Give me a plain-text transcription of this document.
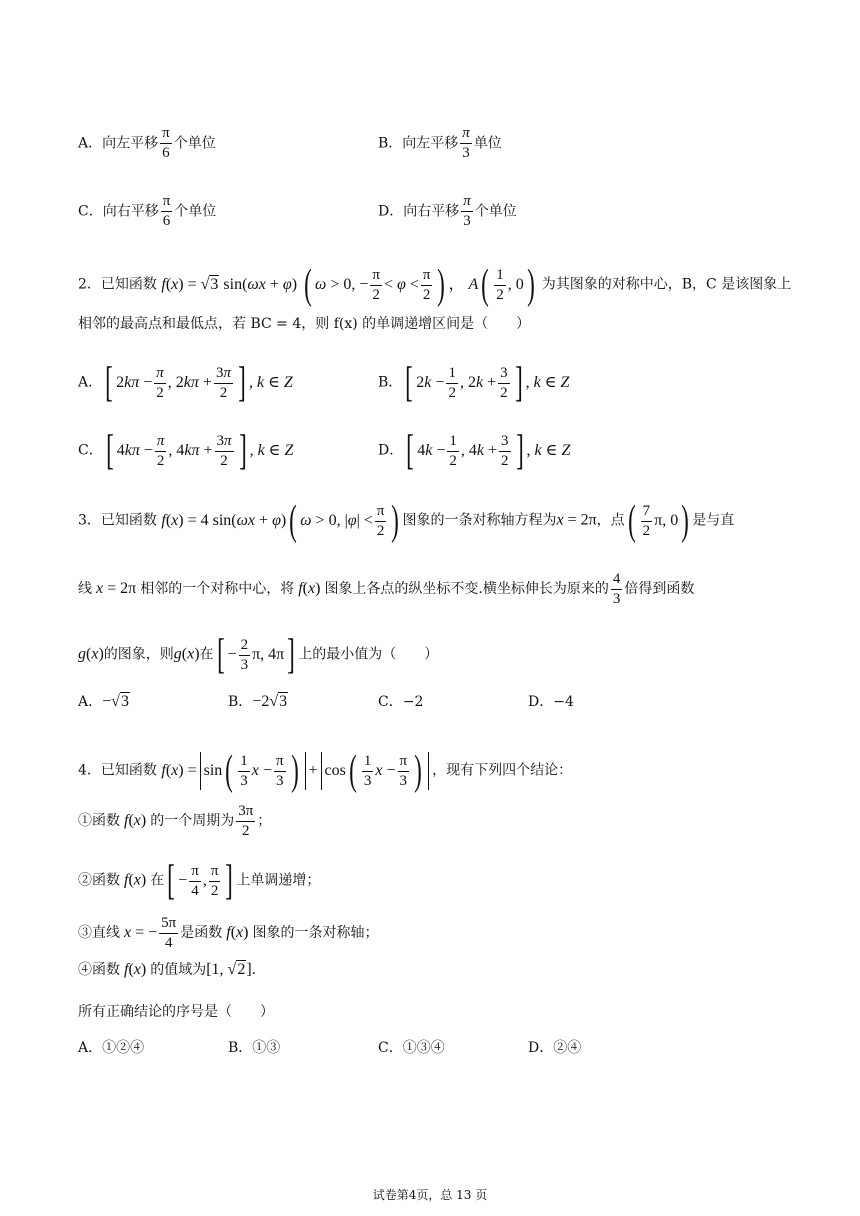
A．向左平移 $\frac{\pi}{6}$ 个单位	B．向左平移 $\frac{\pi}{3}$ 单位
C．向右平移 $\frac{\pi}{6}$ 个单位	D．向右平移 $\frac{\pi}{3}$ 个单位
2．已知函数 f(x) = √3 sin(ωx + φ) ( ω > 0, − $\frac{\pi}{2} < \varphi < \frac{\pi}{2}$ ) ， $A( \frac{1}{2}$ , 0) 为其图象的对称中心，B，C 是该图象上
相邻的最高点和最低点，若 BC = 4，则 f(x) 的单调递增区间是（　　）
A．[ $2k\pi - \frac{\pi}{2}$ , $2k\pi + \frac{3\pi}{2}$ ] , k ∈ Z	B．[ $2k - \frac{1}{2}$ , $2k + \frac{3}{2}$ ] , k ∈ Z
C．[ $4k\pi - \frac{\pi}{2}$ , $4k\pi + \frac{3\pi}{2}$ ] , k ∈ Z	D．[ $4k - \frac{1}{2}$ , $4k + \frac{3}{2}$ ] , k ∈ Z
3．已知函数 f(x) = 4 sin(ωx + φ)( ω > 0, $|\varphi| < \frac{\pi}{2}$ ) 图象的一条对称轴方程为x = 2π，点( $\frac{7}{2} \pi$, 0) 是与直
线 x = 2π 相邻的一个对称中心，将 f(x) 图象上各点的纵坐标不变.横坐标伸长为原来的 $\frac{4}{3}$ 倍得到函数
g(x)的图象，则g(x)在[ − $\frac{2}{3} \pi$, 4π] 上的最小值为（　　）
A．−√3	B．−2√3	C．−2	D．−4
4．已知函数 $f(x) = \sin( \frac{1}{3}$ $x - \frac{\pi}{3}$ ) + $\cos( \frac{1}{3}$ $x - \frac{\pi}{3}$ ) ，现有下列四个结论：
①函数 f(x) 的一个周期为 $\frac{3\pi}{2}$ ；
②函数 f(x) 在[ − $\frac{\pi}{4}$ , $\frac{\pi}{2}$ ] 上单调递增；
③直线 x = − $\frac{5\pi}{4}$ 是函数 f(x) 图象的一条对称轴；
④函数 f(x) 的值域为[1, √2].
所有正确结论的序号是（　　）
A．①②④	B．①③	C．①③④	D．②④
试卷第4页，总 13 页
